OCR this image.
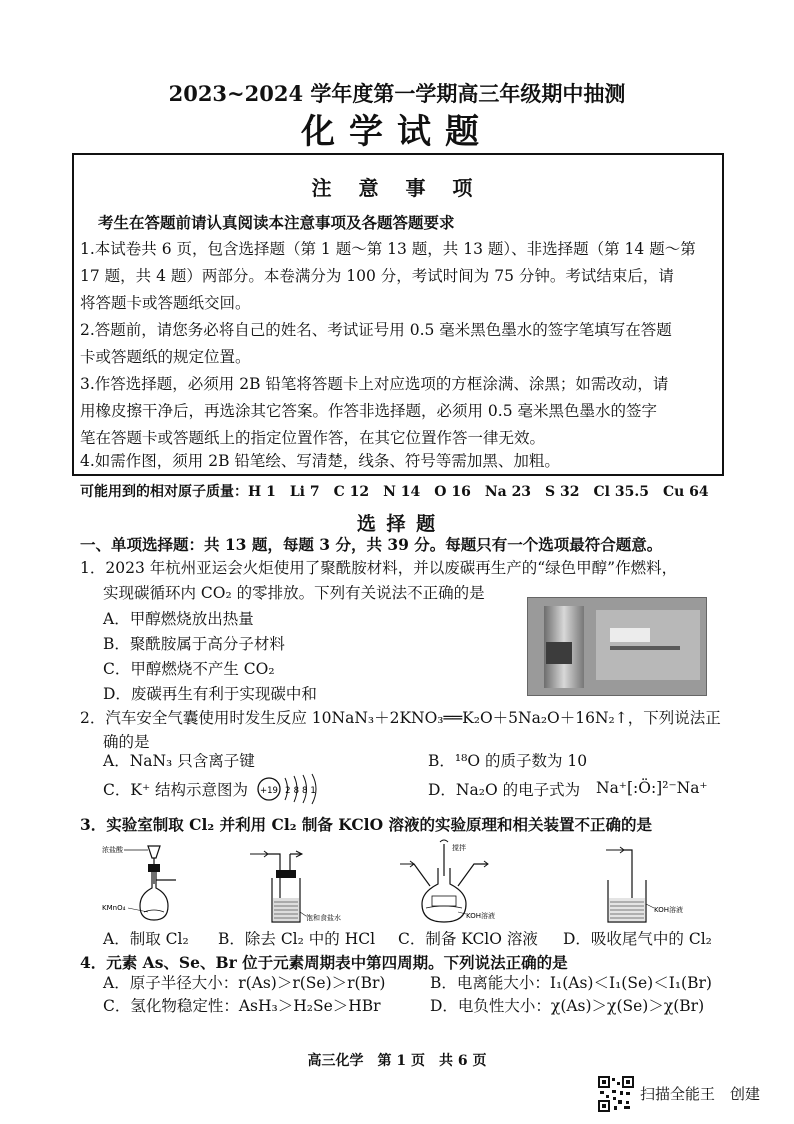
2023~2024 学年度第一学期高三年级期中抽测
化学试题
注 意 事 项
考生在答题前请认真阅读本注意事项及各题答题要求
1.本试卷共 6 页，包含选择题（第 1 题～第 13 题，共 13 题）、非选择题（第 14 题～第
17 题，共 4 题）两部分。本卷满分为 100 分，考试时间为 75 分钟。考试结束后，请
将答题卡或答题纸交回。
2.答题前，请您务必将自己的姓名、考试证号用 0.5 毫米黑色墨水的签字笔填写在答题
卡或答题纸的规定位置。
3.作答选择题，必须用 2B 铅笔将答题卡上对应选项的方框涂满、涂黑；如需改动，请
用橡皮擦干净后，再选涂其它答案。作答非选择题，必须用 0.5 毫米黑色墨水的签字
笔在答题卡或答题纸上的指定位置作答，在其它位置作答一律无效。
4.如需作图，须用 2B 铅笔绘、写清楚，线条、符号等需加黑、加粗。
可能用到的相对原子质量：H 1　Li 7　C 12　N 14　O 16　Na 23　S 32　Cl 35.5　Cu 64
选 择 题
一、单项选择题：共 13 题，每题 3 分，共 39 分。每题只有一个选项最符合题意。
1．2023 年杭州亚运会火炬使用了聚酰胺材料，并以废碳再生产的“绿色甲醇”作燃料，
实现碳循环内 CO₂ 的零排放。下列有关说法不正确的是
A．甲醇燃烧放出热量
B．聚酰胺属于高分子材料
C．甲醇燃烧不产生 CO₂
D．废碳再生有利于实现碳中和
2．汽车安全气囊使用时发生反应 10NaN₃＋2KNO₃══K₂O＋5Na₂O＋16N₂↑，下列说法正
确的是
A．NaN₃ 只含离子键	B．¹⁸O 的质子数为 10
C．K⁺ 结构示意图为 +19 2881	D．Na₂O 的电子式为 Na⁺[:Ö:]²⁻Na⁺
3．实验室制取 Cl₂ 并利用 Cl₂ 制备 KClO 溶液的实验原理和相关装置不正确的是
浓盐酸
KMnO₄
饱和食盐水
搅拌
KOH溶液
KOH溶液
A．制取 Cl₂ B．除去 Cl₂ 中的 HCl C．制备 KClO 溶液 D．吸收尾气中的 Cl₂
4．元素 As、Se、Br 位于元素周期表中第四周期。下列说法正确的是
A．原子半径大小：r(As)＞r(Se)＞r(Br)	B．电离能大小：I₁(As)＜I₁(Se)＜I₁(Br)
C．氢化物稳定性：AsH₃＞H₂Se＞HBr	D．电负性大小：χ(As)＞χ(Se)＞χ(Br)
高三化学　第 1 页　共 6 页
扫描全能王　创建
